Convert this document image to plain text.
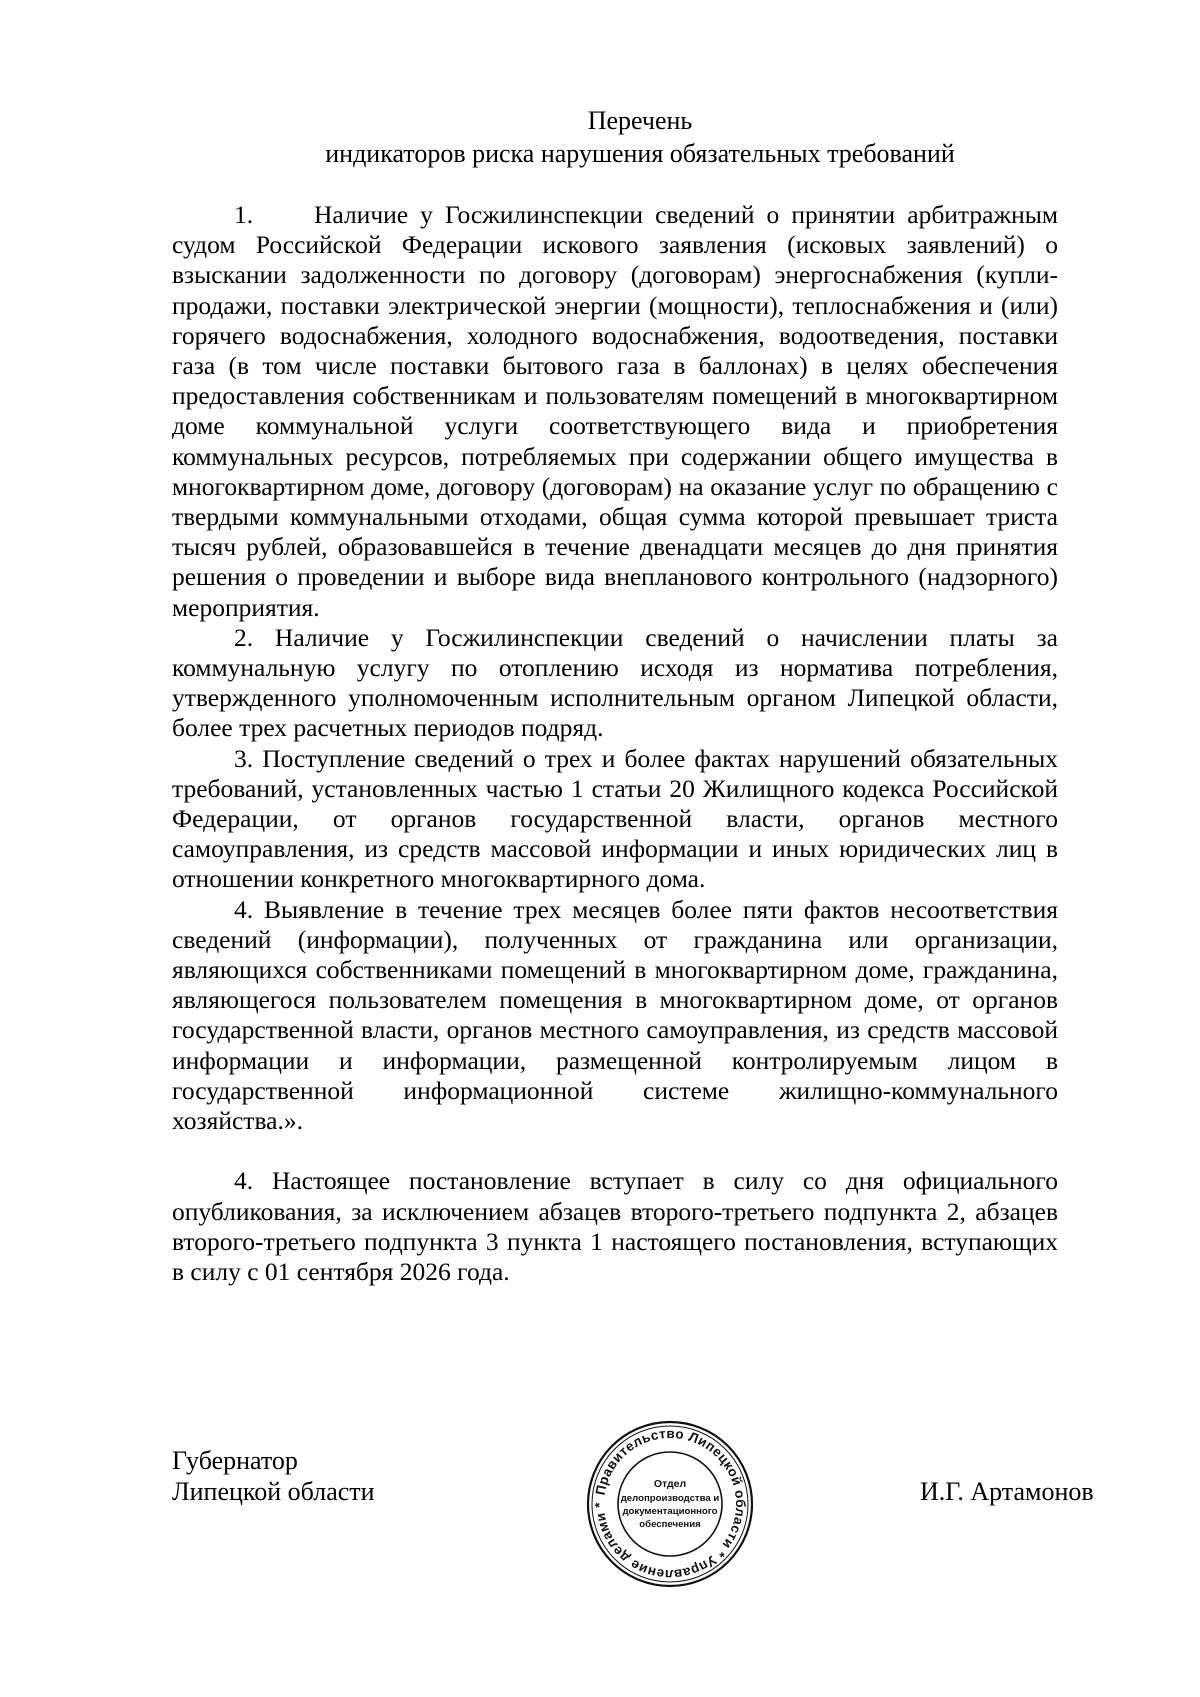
Перечень
индикаторов риска нарушения обязательных требований

1. Наличие у Госжилинспекции сведений о принятии арбитражным судом Российской Федерации искового заявления (исковых заявлений) о взыскании задолженности по договору (договорам) энергоснабжения (купли-продажи, поставки электрической энергии (мощности), теплоснабжения и (или) горячего водоснабжения, холодного водоснабжения, водоотведения, поставки газа (в том числе поставки бытового газа в баллонах) в целях обеспечения предоставления собственникам и пользователям помещений в многоквартирном доме коммунальной услуги соответствующего вида и приобретения коммунальных ресурсов, потребляемых при содержании общего имущества в многоквартирном доме, договору (договорам) на оказание услуг по обращению с твердыми коммунальными отходами, общая сумма которой превышает триста тысяч рублей, образовавшейся в течение двенадцати месяцев до дня принятия решения о проведении и выборе вида внепланового контрольного (надзорного) мероприятия.

2. Наличие у Госжилинспекции сведений о начислении платы за коммунальную услугу по отоплению исходя из норматива потребления, утвержденного уполномоченным исполнительным органом Липецкой области, более трех расчетных периодов подряд.

3. Поступление сведений о трех и более фактах нарушений обязательных требований, установленных частью 1 статьи 20 Жилищного кодекса Российской Федерации, от органов государственной власти, органов местного самоуправления, из средств массовой информации и иных юридических лиц в отношении конкретного многоквартирного дома.

4. Выявление в течение трех месяцев более пяти фактов несоответствия сведений (информации), полученных от гражданина или организации, являющихся собственниками помещений в многоквартирном доме, гражданина, являющегося пользователем помещения в многоквартирном доме, от органов государственной власти, органов местного самоуправления, из средств массовой информации и информации, размещенной контролируемым лицом в государственной информационной системе жилищно-коммунального хозяйства.».

4. Настоящее постановление вступает в силу со дня официального опубликования, за исключением абзацев второго-третьего подпункта 2, абзацев второго-третьего подпункта 3 пункта 1 настоящего постановления, вступающих в силу с 01 сентября 2026 года.

Губернатор
Липецкой области	Правительство Липецкой области * Управление делами *
Отдел
делопроизводства и
документационного
обеспечения
И.Г. Артамонов
